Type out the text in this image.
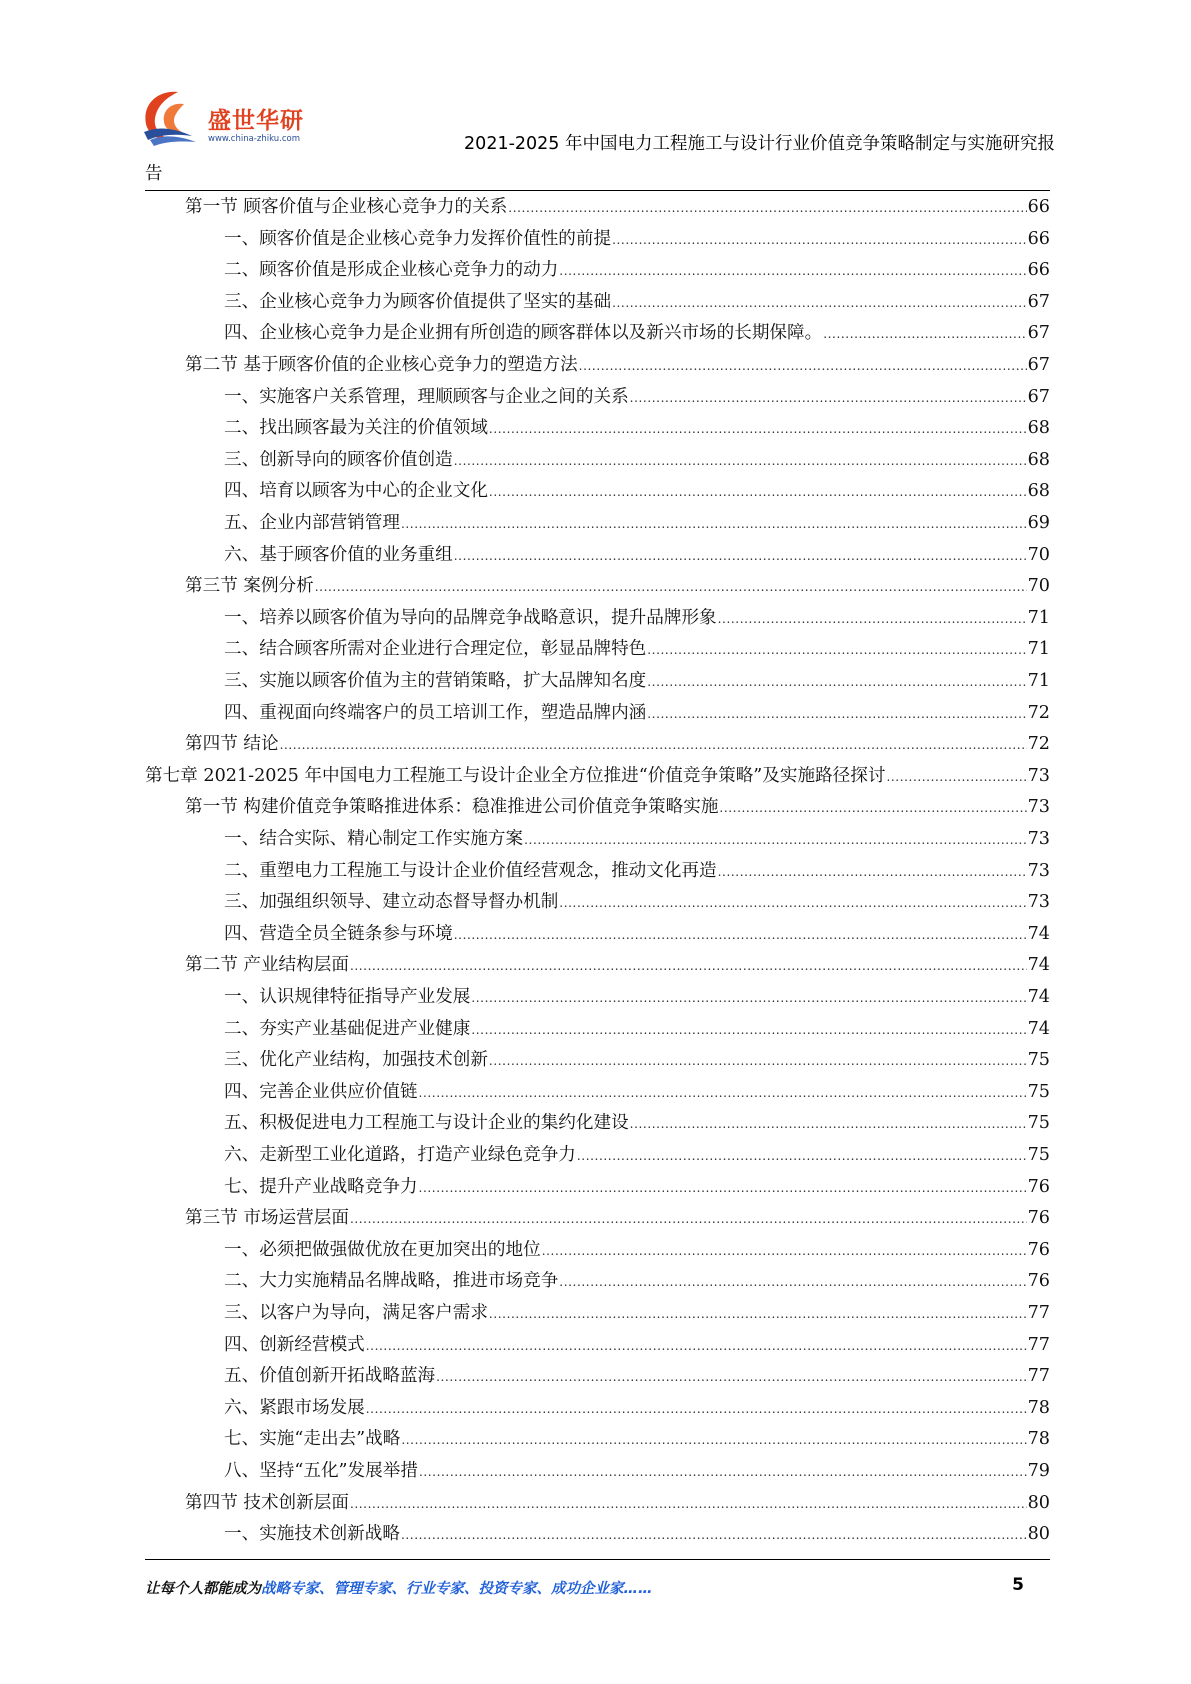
盛世华研
www.china-zhiku.com	2021-2025 年中国电力工程施工与设计行业价值竞争策略制定与实施研究报
告
第一节 顾客价值与企业核心竞争力的关系 .....	66
一、顾客价值是企业核心竞争力发挥价值性的前提 .....	66
二、顾客价值是形成企业核心竞争力的动力 .....	66
三、企业核心竞争力为顾客价值提供了坚实的基础 .....	67
四、企业核心竞争力是企业拥有所创造的顾客群体以及新兴市场的长期保障。 .....	67
第二节 基于顾客价值的企业核心竞争力的塑造方法 .....	67
一、实施客户关系管理，理顺顾客与企业之间的关系 .....	67
二、找出顾客最为关注的价值领域 .....	68
三、创新导向的顾客价值创造 .....	68
四、培育以顾客为中心的企业文化 .....	68
五、企业内部营销管理 .....	69
六、基于顾客价值的业务重组 .....	70
第三节 案例分析 .....	70
一、培养以顾客价值为导向的品牌竞争战略意识，提升品牌形象 .....	71
二、结合顾客所需对企业进行合理定位，彰显品牌特色 .....	71
三、实施以顾客价值为主的营销策略，扩大品牌知名度 .....	71
四、重视面向终端客户的员工培训工作，塑造品牌内涵 .....	72
第四节 结论 .....	72
第七章 2021-2025 年中国电力工程施工与设计企业全方位推进“价值竞争策略”及实施路径探讨 .....	73
第一节 构建价值竞争策略推进体系：稳准推进公司价值竞争策略实施 .....	73
一、结合实际、精心制定工作实施方案 .....	73
二、重塑电力工程施工与设计企业价值经营观念，推动文化再造 .....	73
三、加强组织领导、建立动态督导督办机制 .....	73
四、营造全员全链条参与环境 .....	74
第二节 产业结构层面 .....	74
一、认识规律特征指导产业发展 .....	74
二、夯实产业基础促进产业健康 .....	74
三、优化产业结构，加强技术创新 .....	75
四、完善企业供应价值链 .....	75
五、积极促进电力工程施工与设计企业的集约化建设 .....	75
六、走新型工业化道路，打造产业绿色竞争力 .....	75
七、提升产业战略竞争力 .....	76
第三节 市场运营层面 .....	76
一、必须把做强做优放在更加突出的地位 .....	76
二、大力实施精品名牌战略，推进市场竞争 .....	76
三、以客户为导向，满足客户需求 .....	77
四、创新经营模式 .....	77
五、价值创新开拓战略蓝海 .....	77
六、紧跟市场发展 .....	78
七、实施“走出去”战略 .....	78
八、坚持“五化”发展举措 .....	79
第四节 技术创新层面 .....	80
一、实施技术创新战略 .....	80
让每个人都能成为战略专家、管理专家、行业专家、投资专家、成功企业家……	5
